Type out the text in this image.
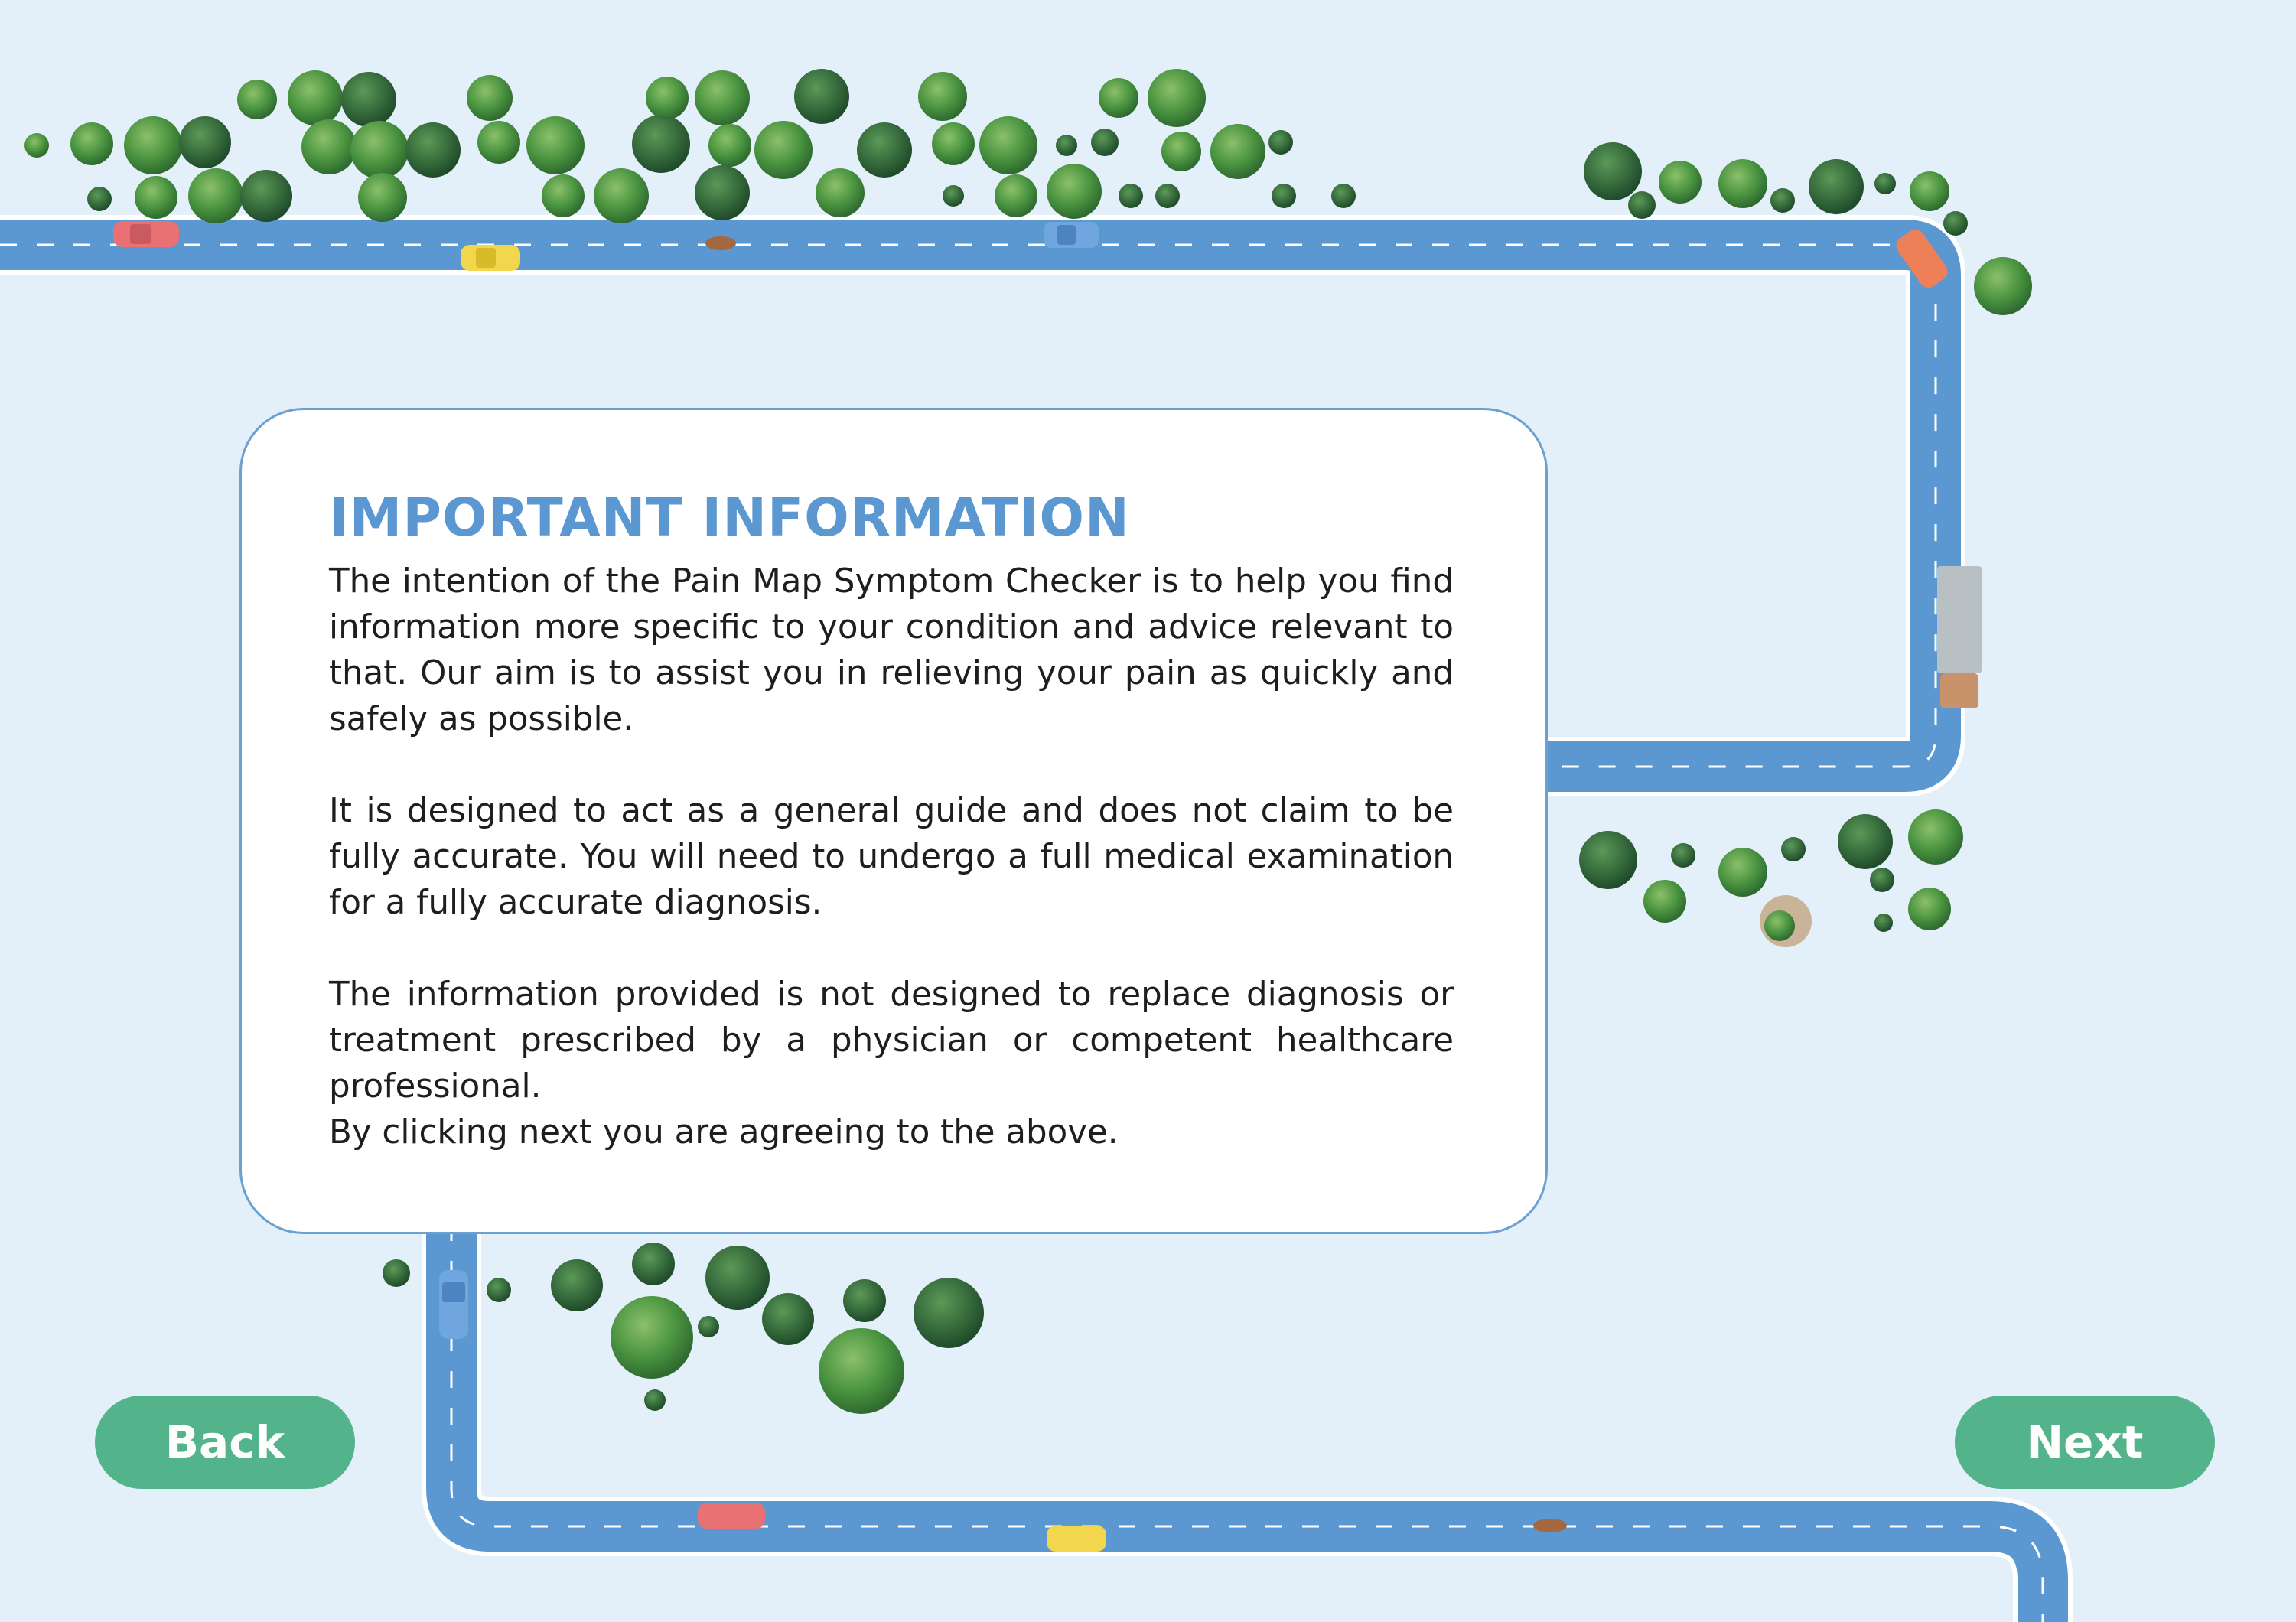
IMPORTANT INFORMATION

The intention of the Pain Map Symptom Checker is to help you find information more specific to your condition and advice relevant to that. Our aim is to assist you in relieving your pain as quickly and safely as possible.

It is designed to act as a general guide and does not claim to be fully accurate. You will need to undergo a full medical examination for a fully accurate diagnosis.

The information provided is not designed to replace diagnosis or treatment prescribed by a physician or competent healthcare professional.

By clicking next you are agreeing to the above.

Back	Next
